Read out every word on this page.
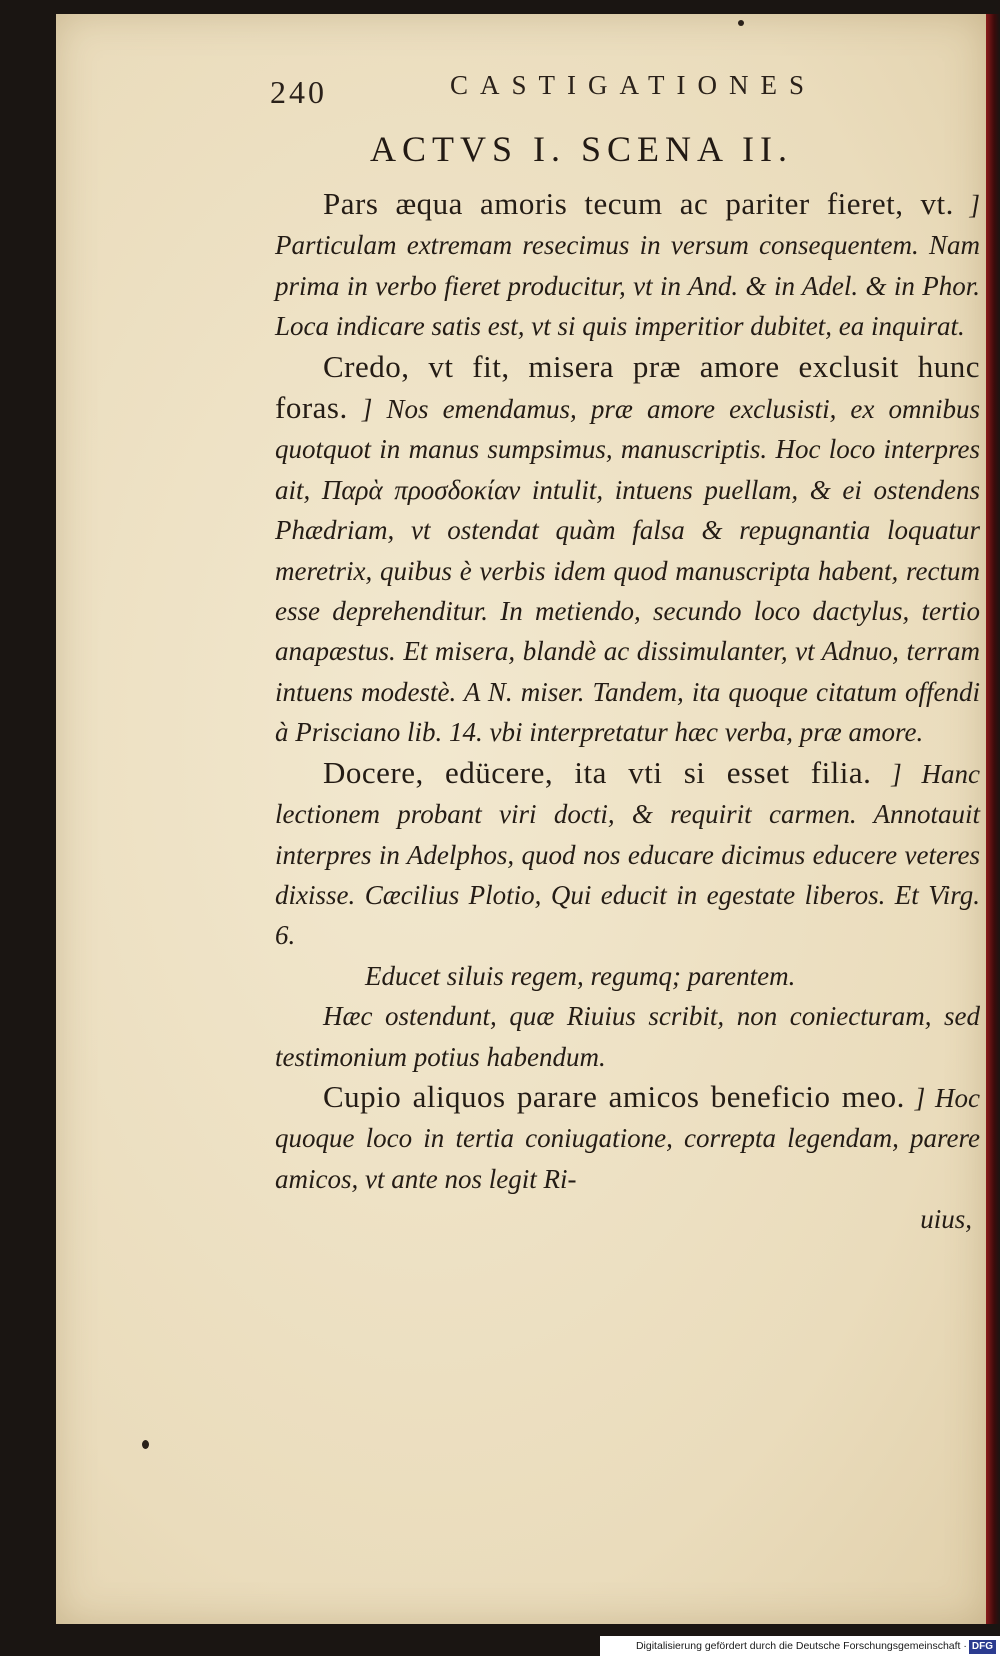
240	CASTIGATIONES
ACTVS I. SCENA II.

Pars æqua amoris tecum ac pariter fieret, vt. ] Particulam extremam resecimus in versum consequentem. Nam prima in verbo fieret producitur, vt in And. & in Adel. & in Phor. Loca indicare satis est, vt si quis imperitior dubitet, ea inquirat.

Credo, vt fit, misera præ amore exclusit hunc foras. ] Nos emendamus, præ amore exclusisti, ex omnibus quotquot in manus sumpsimus, manuscriptis. Hoc loco interpres ait, Παρὰ προσδοκίαν intulit, intuens puellam, & ei ostendens Phædriam, vt ostendat quàm falsa & repugnantia loquatur meretrix, quibus è verbis idem quod manuscripta habent, rectum esse deprehenditur. In metiendo, secundo loco dactylus, tertio anapæstus. Et misera, blandè ac dissimulanter, vt Adnuo, terram intuens modestè. A N. miser. Tandem, ita quoque citatum offendi à Prisciano lib. 14. vbi interpretatur hæc verba, præ amore.

Docere, edücere, ita vti si esset filia. ] Hanc lectionem probant viri docti, & requirit carmen. Annotauit interpres in Adelphos, quod nos educare dicimus educere veteres dixisse. Cæcilius Plotio, Qui educit in egestate liberos. Et Virg. 6.

Educet siluis regem, regumq; parentem.

Hæc ostendunt, quæ Riuius scribit, non coniecturam, sed testimonium potius habendum.

Cupio aliquos parare amicos beneficio meo. ] Hoc quoque loco in tertia coniugatione, correpta legendam, parere amicos, vt ante nos legit Ri-

uius,

Digitalisierung gefördert durch die Deutsche Forschungsgemeinschaft · DFG
